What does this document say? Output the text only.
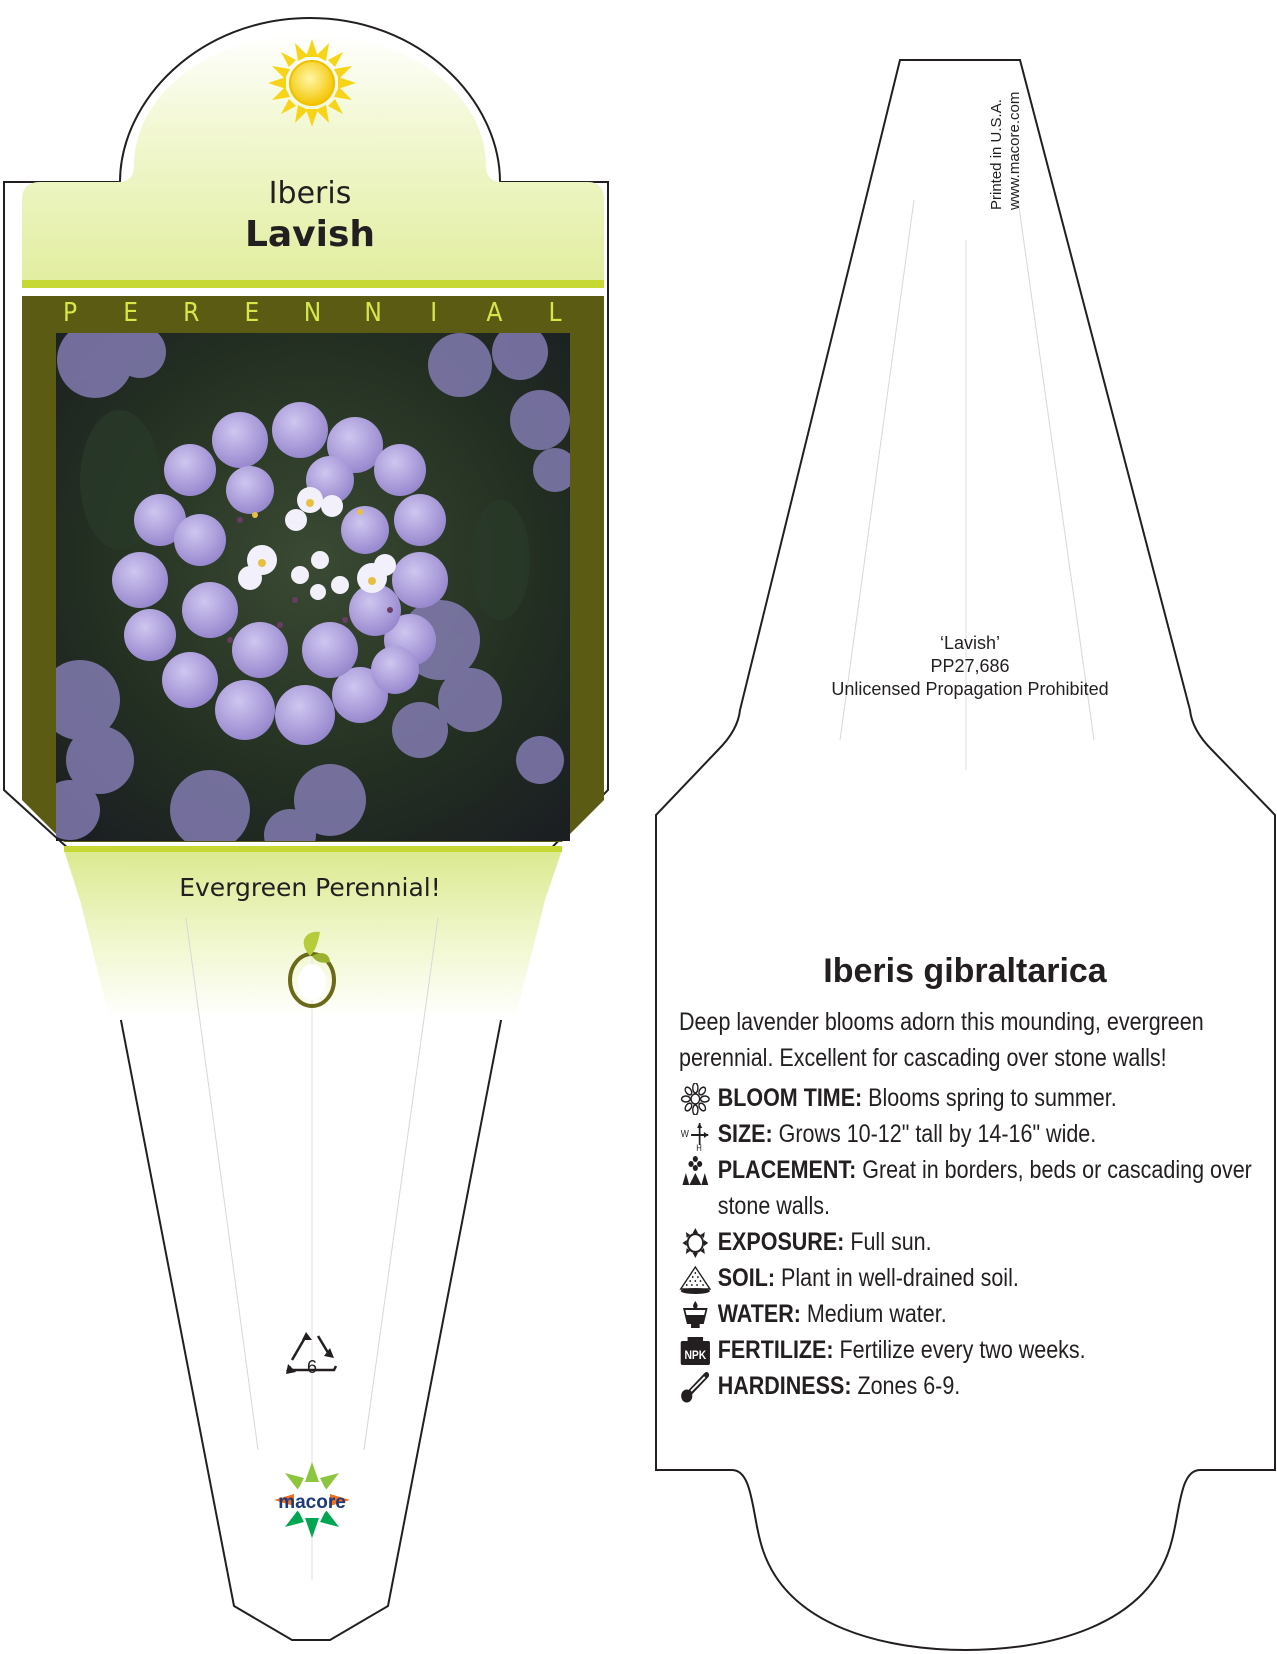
6
macore
Iberis
Lavish
P E R E N N	I	A L
Evergreen Perennial!
Printed in U.S.A. www.macore.com
‘Lavish’
PP27,686
Unlicensed Propagation Prohibited
Iberis gibraltarica
Deep lavender blooms adorn this mounding, evergreen
perennial. Excellent for cascading over stone walls!
BLOOM TIME: Blooms spring to summer.
W
H SIZE: Grows 10-12" tall by 14-16" wide.
PLACEMENT: Great in borders, beds or cascading over stone walls.
EXPOSURE: Full sun.
SOIL: Plant in well-drained soil.
WATER: Medium water.
NPK FERTILIZE: Fertilize every two weeks.
HARDINESS: Zones 6-9.
